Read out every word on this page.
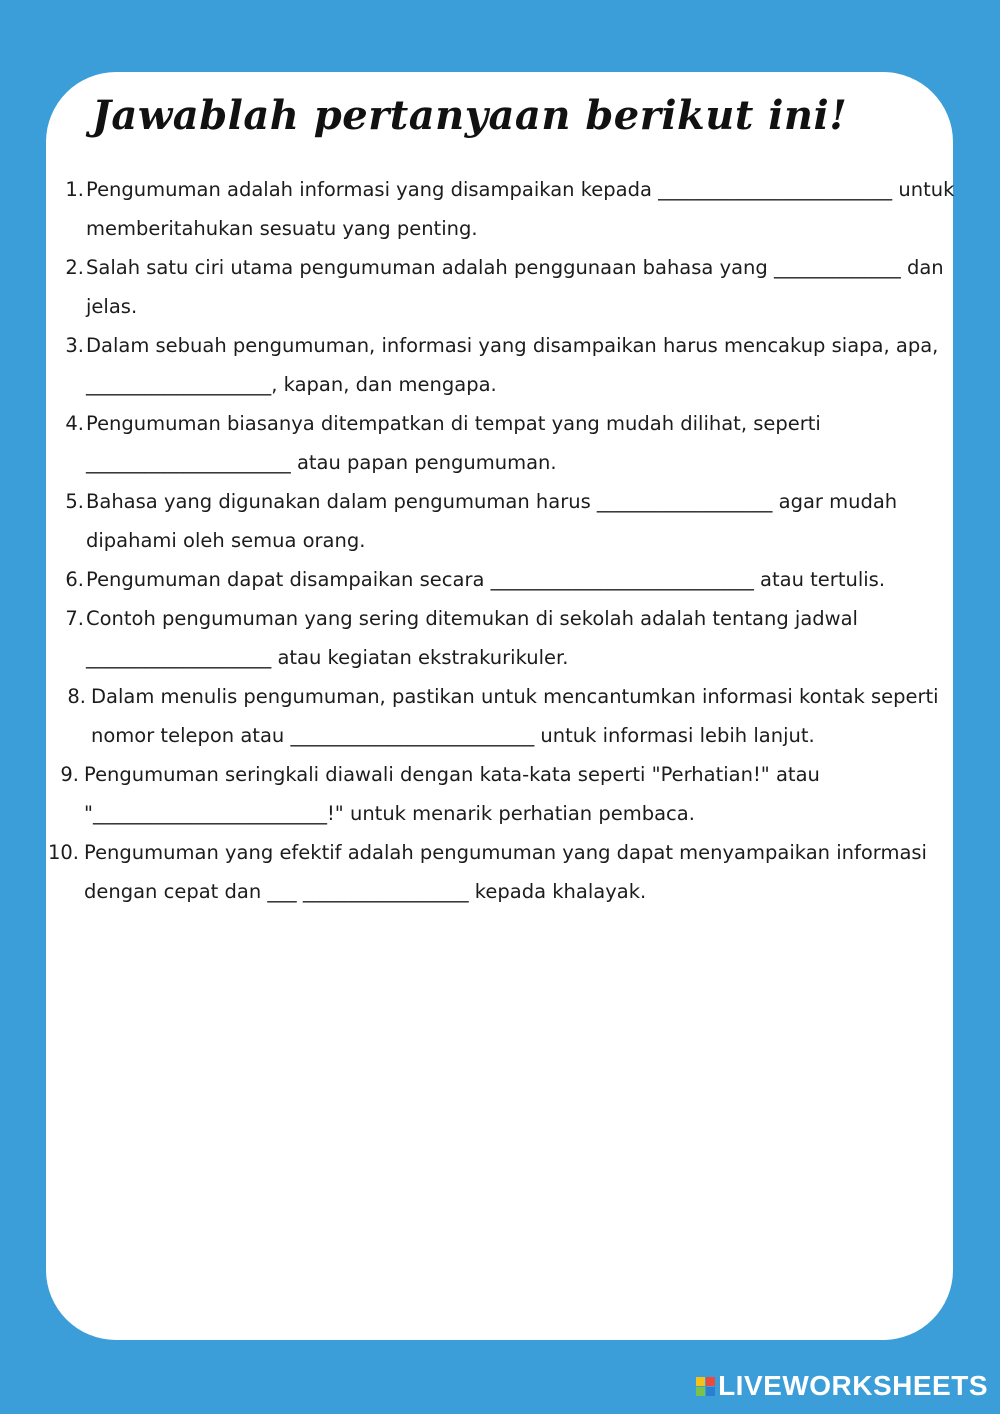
Jawablah pertanyaan berikut ini!
1. Pengumuman adalah informasi yang disampaikan kepada ________________________ untuk memberitahukan sesuatu yang penting.
2. Salah satu ciri utama pengumuman adalah penggunaan bahasa yang _____________ dan jelas.
3. Dalam sebuah pengumuman, informasi yang disampaikan harus mencakup siapa, apa, ___________________, kapan, dan mengapa.
4. Pengumuman biasanya ditempatkan di tempat yang mudah dilihat, seperti _____________________ atau papan pengumuman.
5. Bahasa yang digunakan dalam pengumuman harus __________________ agar mudah dipahami oleh semua orang.
6. Pengumuman dapat disampaikan secara ___________________________ atau tertulis.
7. Contoh pengumuman yang sering ditemukan di sekolah adalah tentang jadwal ___________________ atau kegiatan ekstrakurikuler.
8. Dalam menulis pengumuman, pastikan untuk mencantumkan informasi kontak seperti nomor telepon atau _________________________ untuk informasi lebih lanjut.
9. Pengumuman seringkali diawali dengan kata-kata seperti "Perhatian!" atau "________________________!" untuk menarik perhatian pembaca.
10. Pengumuman yang efektif adalah pengumuman yang dapat menyampaikan informasi dengan cepat dan ___ _________________ kepada khalayak.
LIVEWORKSHEETS
